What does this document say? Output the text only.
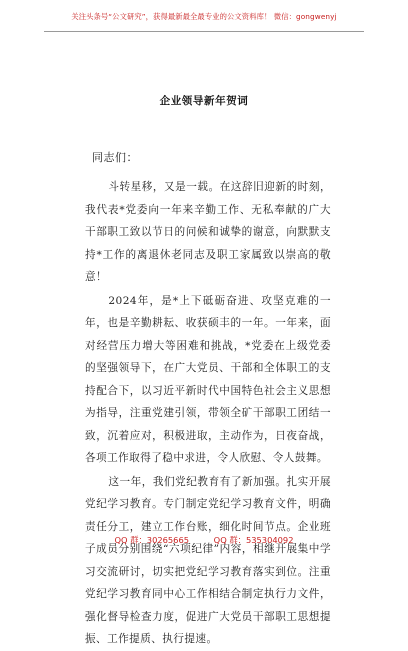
关注头条号“公文研究”，获得最新最全最专业的公文资料库！ 微信：gongwenyj
企业领导新年贺词
同志们：

斗转星移，又是一载。在这辞旧迎新的时刻，我代表*党委向一年来辛勤工作、无私奉献的广大干部职工致以节日的问候和诚挚的谢意，向默默支持*工作的离退休老同志及职工家属致以崇高的敬意！

2024年，是*上下砥砺奋进、攻坚克难的一年，也是辛勤耕耘、收获硕丰的一年。一年来，面对经营压力增大等困难和挑战，*党委在上级党委的坚强领导下，在广大党员、干部和全体职工的支持配合下，以习近平新时代中国特色社会主义思想为指导，注重党建引领，带领全矿干部职工团结一致，沉着应对，积极进取，主动作为，日夜奋战，各项工作取得了稳中求进，令人欣慰、令人鼓舞。

这一年，我们党纪教育有了新加强。扎实开展党纪学习教育。专门制定党纪学习教育文件，明确责任分工，建立工作台账，细化时间节点。企业班子成员分别围绕“六项纪律”内容，相继开展集中学习交流研讨，切实把党纪学习教育落实到位。注重党纪学习教育同中心工作相结合制定执行力文件，强化督导检查力度，促进广大党员干部职工思想提振、工作提质、执行提速。

QQ 群：30265665	QQ 群：535304092
